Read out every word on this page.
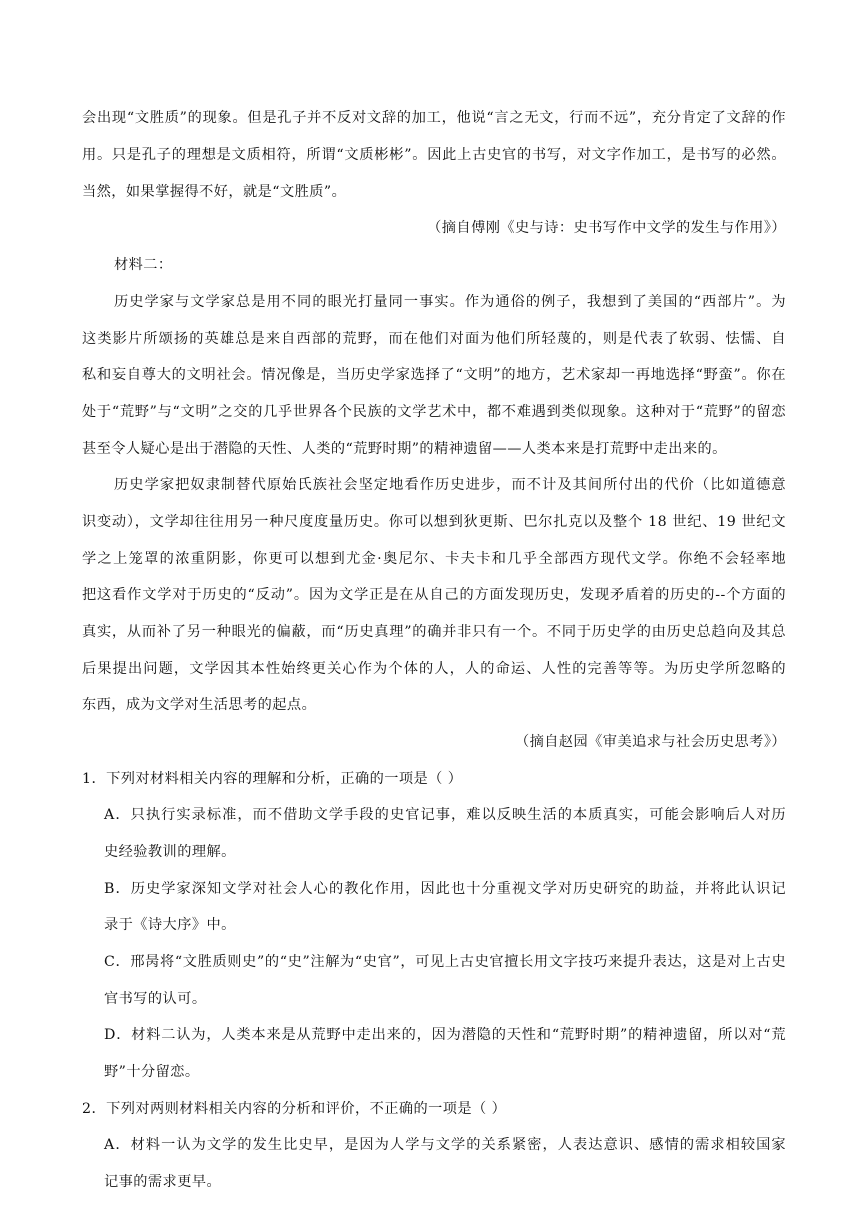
会出现“文胜质”的现象。但是孔子并不反对文辞的加工，他说“言之无文，行而不远”，充分肯定了文辞的作
用。只是孔子的理想是文质相符，所谓“文质彬彬”。因此上古史官的书写，对文字作加工，是书写的必然。
当然，如果掌握得不好，就是“文胜质”。
（摘自傅刚《史与诗：史书写作中文学的发生与作用》）
材料二：
历史学家与文学家总是用不同的眼光打量同一事实。作为通俗的例子，我想到了美国的“西部片”。为
这类影片所颂扬的英雄总是来自西部的荒野，而在他们对面为他们所轻蔑的，则是代表了软弱、怯懦、自
私和妄自尊大的文明社会。情况像是，当历史学家选择了“文明”的地方，艺术家却一再地选择“野蛮”。你在
处于“荒野”与“文明”之交的几乎世界各个民族的文学艺术中，都不难遇到类似现象。这种对于“荒野”的留恋
甚至令人疑心是出于潜隐的天性、人类的“荒野时期”的精神遗留——人类本来是打荒野中走出来的。
历史学家把奴隶制替代原始氏族社会坚定地看作历史进步，而不计及其间所付出的代价（比如道德意
识变动），文学却往往用另一种尺度度量历史。你可以想到狄更斯、巴尔扎克以及整个 18 世纪、19 世纪文
学之上笼罩的浓重阴影，你更可以想到尤金·奥尼尔、卡夫卡和几乎全部西方现代文学。你绝不会轻率地
把这看作文学对于历史的“反动”。因为文学正是在从自己的方面发现历史，发现矛盾着的历史的--个方面的
真实，从而补了另一种眼光的偏蔽，而“历史真理”的确并非只有一个。不同于历史学的由历史总趋向及其总
后果提出问题，文学因其本性始终更关心作为个体的人，人的命运、人性的完善等等。为历史学所忽略的
东西，成为文学对生活思考的起点。
（摘自赵园《审美追求与社会历史思考》）
1．下列对材料相关内容的理解和分析，正确的一项是（ ）
A．只执行实录标准，而不借助文学手段的史官记事，难以反映生活的本质真实，可能会影响后人对历
史经验教训的理解。
B．历史学家深知文学对社会人心的教化作用，因此也十分重视文学对历史研究的助益，并将此认识记
录于《诗大序》中。
C．邢昺将“文胜质则史”的“史”注解为“史官”，可见上古史官擅长用文字技巧来提升表达，这是对上古史
官书写的认可。
D．材料二认为，人类本来是从荒野中走出来的，因为潜隐的天性和“荒野时期”的精神遗留，所以对“荒
野”十分留恋。
2．下列对两则材料相关内容的分析和评价，不正确的一项是（ ）
A．材料一认为文学的发生比史早，是因为人学与文学的关系紧密，人表达意识、感情的需求相较国家
记事的需求更早。
